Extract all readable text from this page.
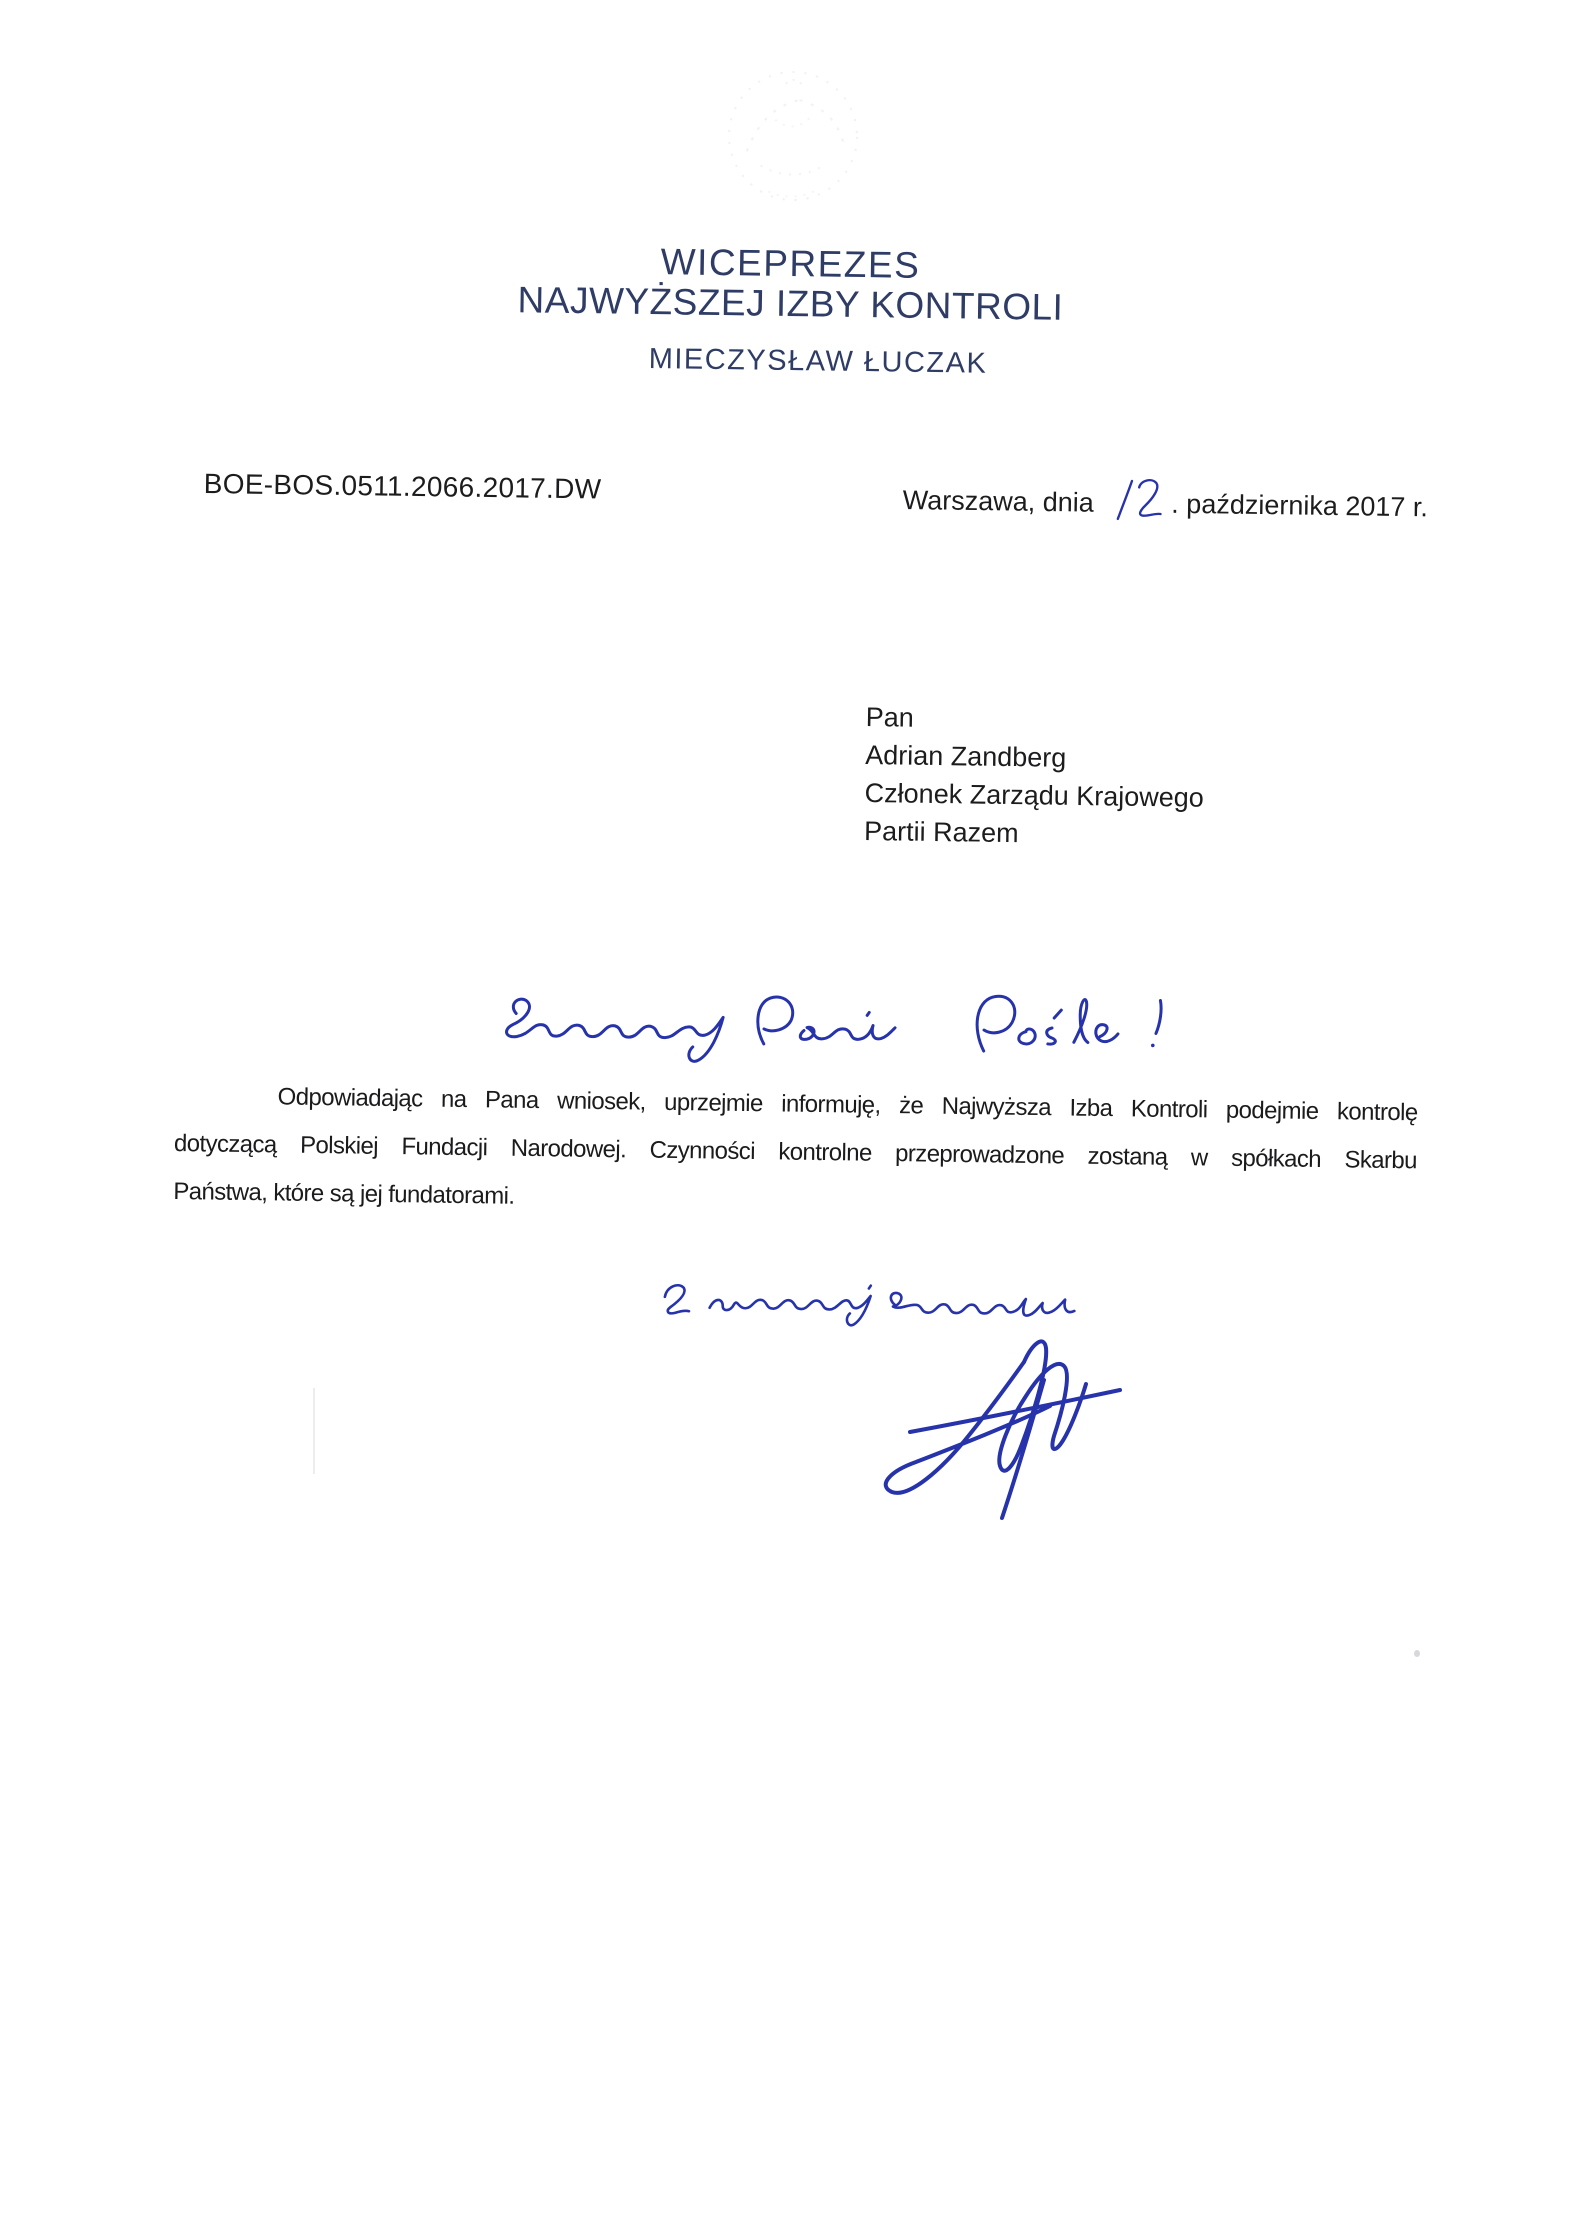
WICEPREZES
NAJWYŻSZEJ IZBY KONTROLI
MIECZYSŁAW ŁUCZAK
BOE-BOS.0511.2066.2017.DW	Warszawa, dnia	. października 2017 r.
Pan
Adrian Zandberg
Członek Zarządu Krajowego
Partii Razem
Odpowiadając na Pana wniosek, uprzejmie informuję, że Najwyższa Izba Kontroli podejmie kontrolę
dotyczącą Polskiej Fundacji Narodowej. Czynności kontrolne przeprowadzone zostaną w spółkach Skarbu
Państwa, które są jej fundatorami.
